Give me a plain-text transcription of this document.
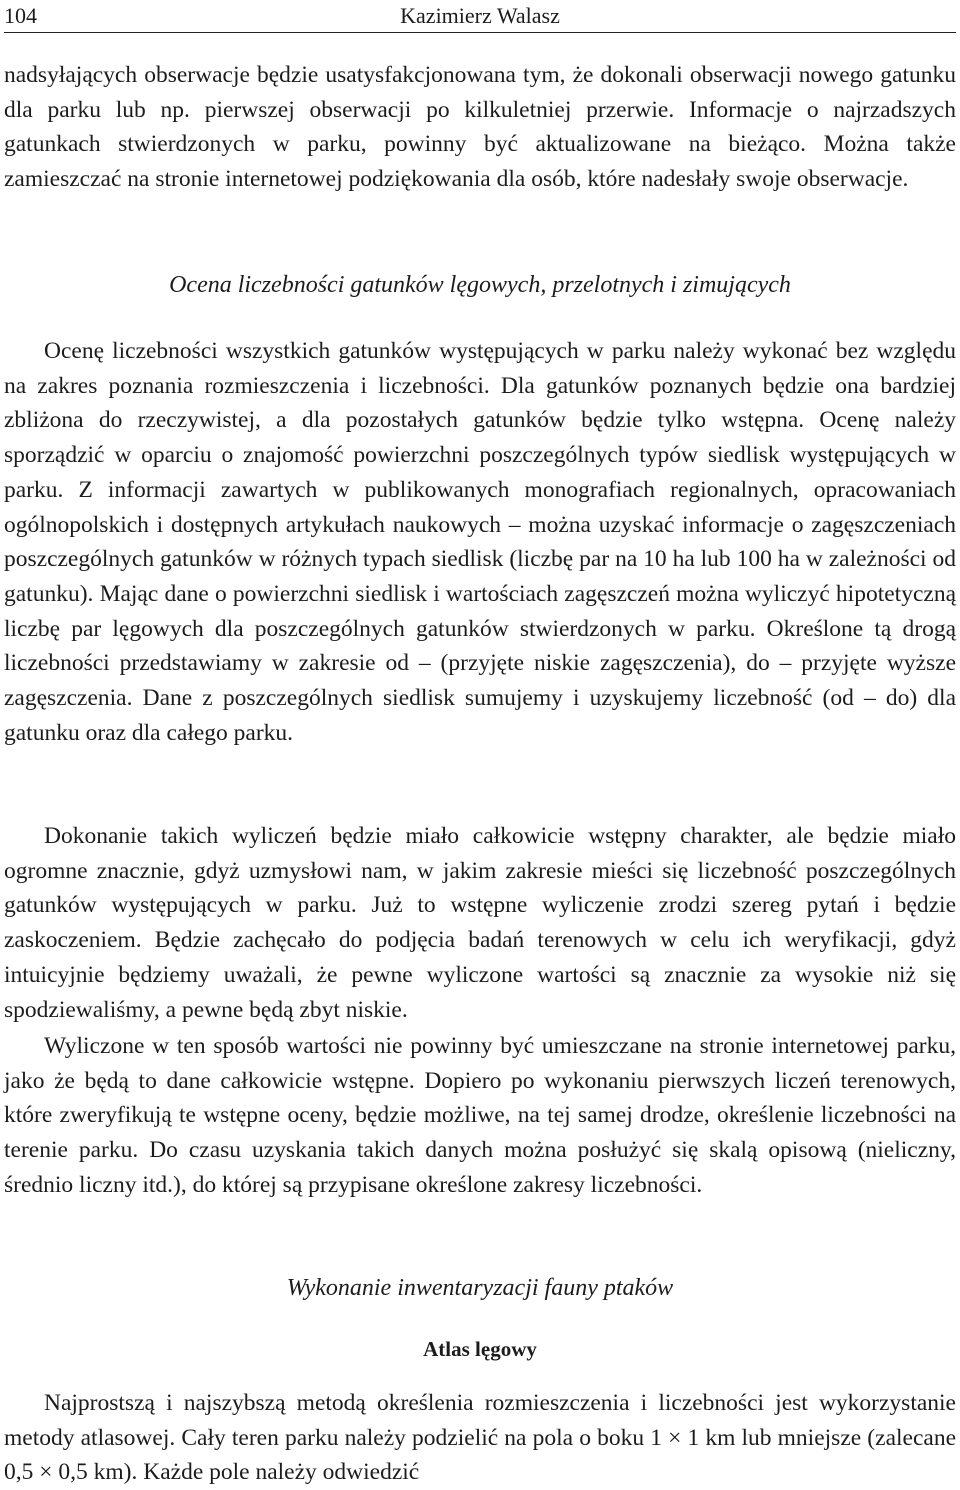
104	Kazimierz Walasz

nadsyłających obserwacje będzie usatysfakcjonowana tym, że dokonali obserwacji nowego gatunku dla parku lub np. pierwszej obserwacji po kilkuletniej przerwie. Informacje o najrzadszych gatunkach stwierdzonych w parku, powinny być aktualizowane na bieżąco. Można także zamieszczać na stronie internetowej podziękowania dla osób, które nadesłały swoje obserwacje.

Ocena liczebności gatunków lęgowych, przelotnych i zimujących

Ocenę liczebności wszystkich gatunków występujących w parku należy wykonać bez względu na zakres poznania rozmieszczenia i liczebności. Dla gatunków poznanych będzie ona bardziej zbliżona do rzeczywistej, a dla pozostałych gatunków będzie tylko wstępna. Ocenę należy sporządzić w oparciu o znajomość powierzchni poszczególnych typów siedlisk występujących w parku. Z informacji zawartych w publikowanych monografiach regionalnych, opracowaniach ogólnopolskich i dostępnych artykułach naukowych – można uzyskać informacje o zagęszczeniach poszczególnych gatunków w różnych typach siedlisk (liczbę par na 10 ha lub 100 ha w zależności od gatunku). Mając dane o powierzchni siedlisk i wartościach zagęszczeń można wyliczyć hipotetyczną liczbę par lęgowych dla poszczególnych gatunków stwierdzonych w parku. Określone tą drogą liczebności przedstawiamy w zakresie od – (przyjęte niskie zagęszczenia), do – przyjęte wyższe zagęszczenia. Dane z poszczególnych siedlisk sumujemy i uzyskujemy liczebność (od – do) dla gatunku oraz dla całego parku.

Dokonanie takich wyliczeń będzie miało całkowicie wstępny charakter, ale będzie miało ogromne znacznie, gdyż uzmysłowi nam, w jakim zakresie mieści się liczebność poszczególnych gatunków występujących w parku. Już to wstępne wyliczenie zrodzi szereg pytań i będzie zaskoczeniem. Będzie zachęcało do podjęcia badań terenowych w celu ich weryfikacji, gdyż intuicyjnie będziemy uważali, że pewne wyliczone wartości są znacznie za wysokie niż się spodziewaliśmy, a pewne będą zbyt niskie.

Wyliczone w ten sposób wartości nie powinny być umieszczane na stronie internetowej parku, jako że będą to dane całkowicie wstępne. Dopiero po wykonaniu pierwszych liczeń terenowych, które zweryfikują te wstępne oceny, będzie możliwe, na tej samej drodze, określenie liczebności na terenie parku. Do czasu uzyskania takich danych można posłużyć się skalą opisową (nieliczny, średnio liczny itd.), do której są przypisane określone zakresy liczebności.

Wykonanie inwentaryzacji fauny ptaków

Atlas lęgowy

Najprostszą i najszybszą metodą określenia rozmieszczenia i liczebności jest wykorzystanie metody atlasowej. Cały teren parku należy podzielić na pola o boku 1 × 1 km lub mniejsze (zalecane 0,5 × 0,5 km). Każde pole należy odwiedzić
